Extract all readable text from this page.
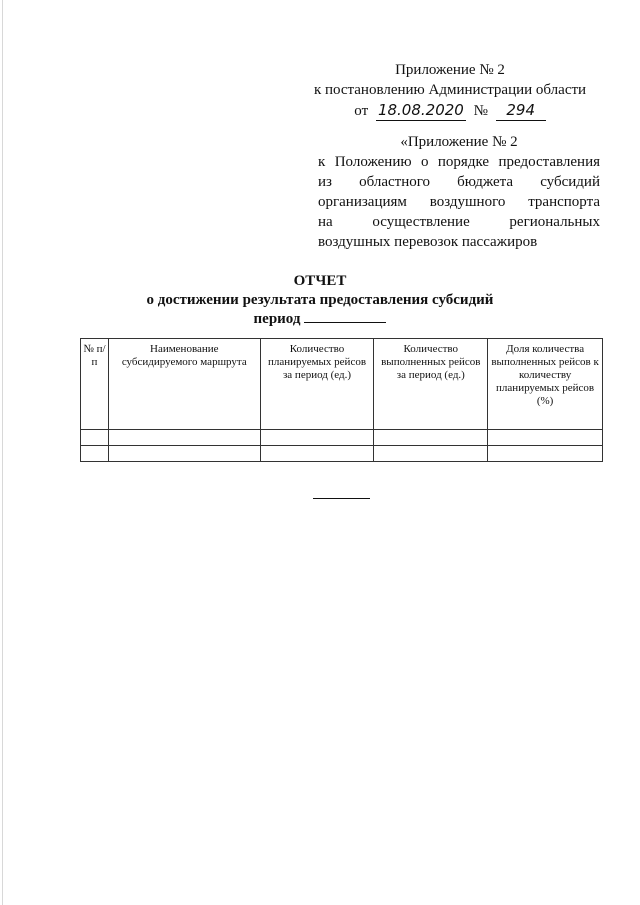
Приложение № 2
к постановлению Администрации области
от 18.08.2020 № 294
«Приложение № 2
к Положению о порядке предоставления
из областного бюджета субсидий
организациям воздушного транспорта
на осуществление региональных
воздушных перевозок пассажиров
ОТЧЕТ
о достижении результата предоставления субсидий
период
№ п/п	Наименование субсидируемого маршрута	Количество планируемых рейсов за период (ед.)	Количество выполненных рейсов за период (ед.)	Доля количества выполненных рейсов к количеству планируемых рейсов (%)
